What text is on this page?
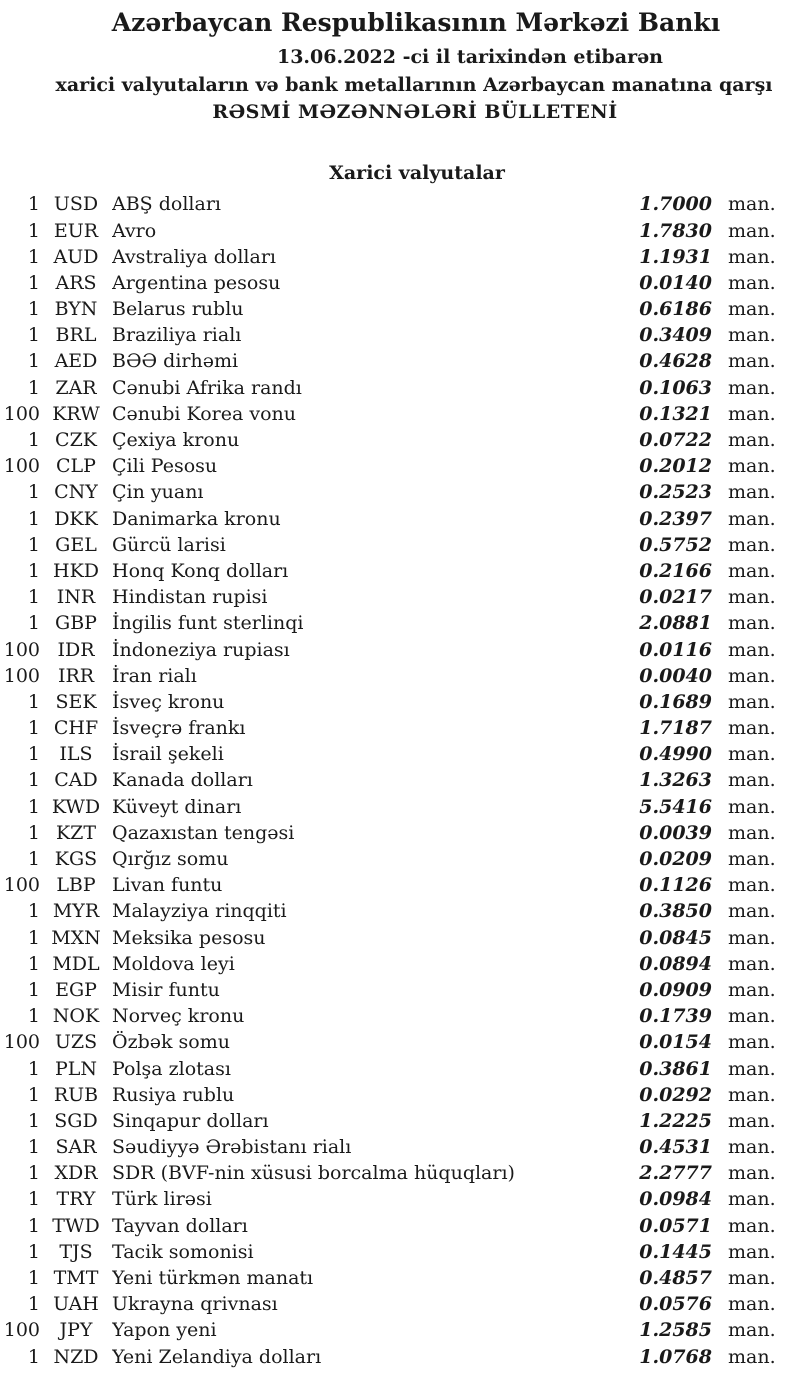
Azərbaycan Respublikasının Mərkəzi Bankı
13.06.2022 -ci il tarixindən etibarən
xarici valyutaların və bank metallarının Azərbaycan manatına qarşı
RƏSMİ MƏZƏNNƏLƏRİ BÜLLETENİ
Xarici valyutalar
1 USD ABŞ dolları	1.7000 man.
1 EUR Avro	1.7830 man.
1 AUD Avstraliya dolları	1.1931 man.
1 ARS Argentina pesosu	0.0140 man.
1 BYN Belarus rublu	0.6186 man.
1 BRL Braziliya rialı	0.3409 man.
1 AED BƏƏ dirhəmi	0.4628 man.
1 ZAR Cənubi Afrika randı	0.1063 man.
100 KRW Cənubi Korea vonu	0.1321 man.
1 CZK Çexiya kronu	0.0722 man.
100 CLP Çili Pesosu	0.2012 man.
1 CNY Çin yuanı	0.2523 man.
1 DKK Danimarka kronu	0.2397 man.
1 GEL Gürcü larisi	0.5752 man.
1 HKD Honq Konq dolları	0.2166 man.
1 INR Hindistan rupisi	0.0217 man.
1 GBP İngilis funt sterlinqi	2.0881 man.
100 IDR İndoneziya rupiası	0.0116 man.
100 IRR İran rialı	0.0040 man.
1 SEK İsveç kronu	0.1689 man.
1 CHF İsveçrə frankı	1.7187 man.
1	ILS	İsrail şekeli	0.4990 man.
1 CAD Kanada dolları	1.3263 man.
1 KWD Küveyt dinarı	5.5416 man.
1 KZT Qazaxıstan tengəsi	0.0039 man.
1 KGS Qırğız somu	0.0209 man.
100 LBP Livan funtu	0.1126 man.
1 MYR Malayziya rinqqiti	0.3850 man.
1 MXN Meksika pesosu	0.0845 man.
1 MDL Moldova leyi	0.0894 man.
1 EGP Misir funtu	0.0909 man.
1 NOK Norveç kronu	0.1739 man.
100 UZS Özbək somu	0.0154 man.
1 PLN Polşa zlotası	0.3861 man.
1 RUB Rusiya rublu	0.0292 man.
1 SGD Sinqapur dolları	1.2225 man.
1 SAR Səudiyyə Ərəbistanı rialı	0.4531 man.
1 XDR SDR (BVF-nin xüsusi borcalma hüquqları)	2.2777 man.
1 TRY Türk lirəsi	0.0984 man.
1 TWD Tayvan dolları	0.0571 man.
1	TJS	Tacik somonisi	0.1445 man.
1 TMT Yeni türkmən manatı	0.4857 man.
1 UAH Ukrayna qrivnası	0.0576 man.
100	JPY	Yapon yeni	1.2585 man.
1 NZD Yeni Zelandiya dolları	1.0768 man.
